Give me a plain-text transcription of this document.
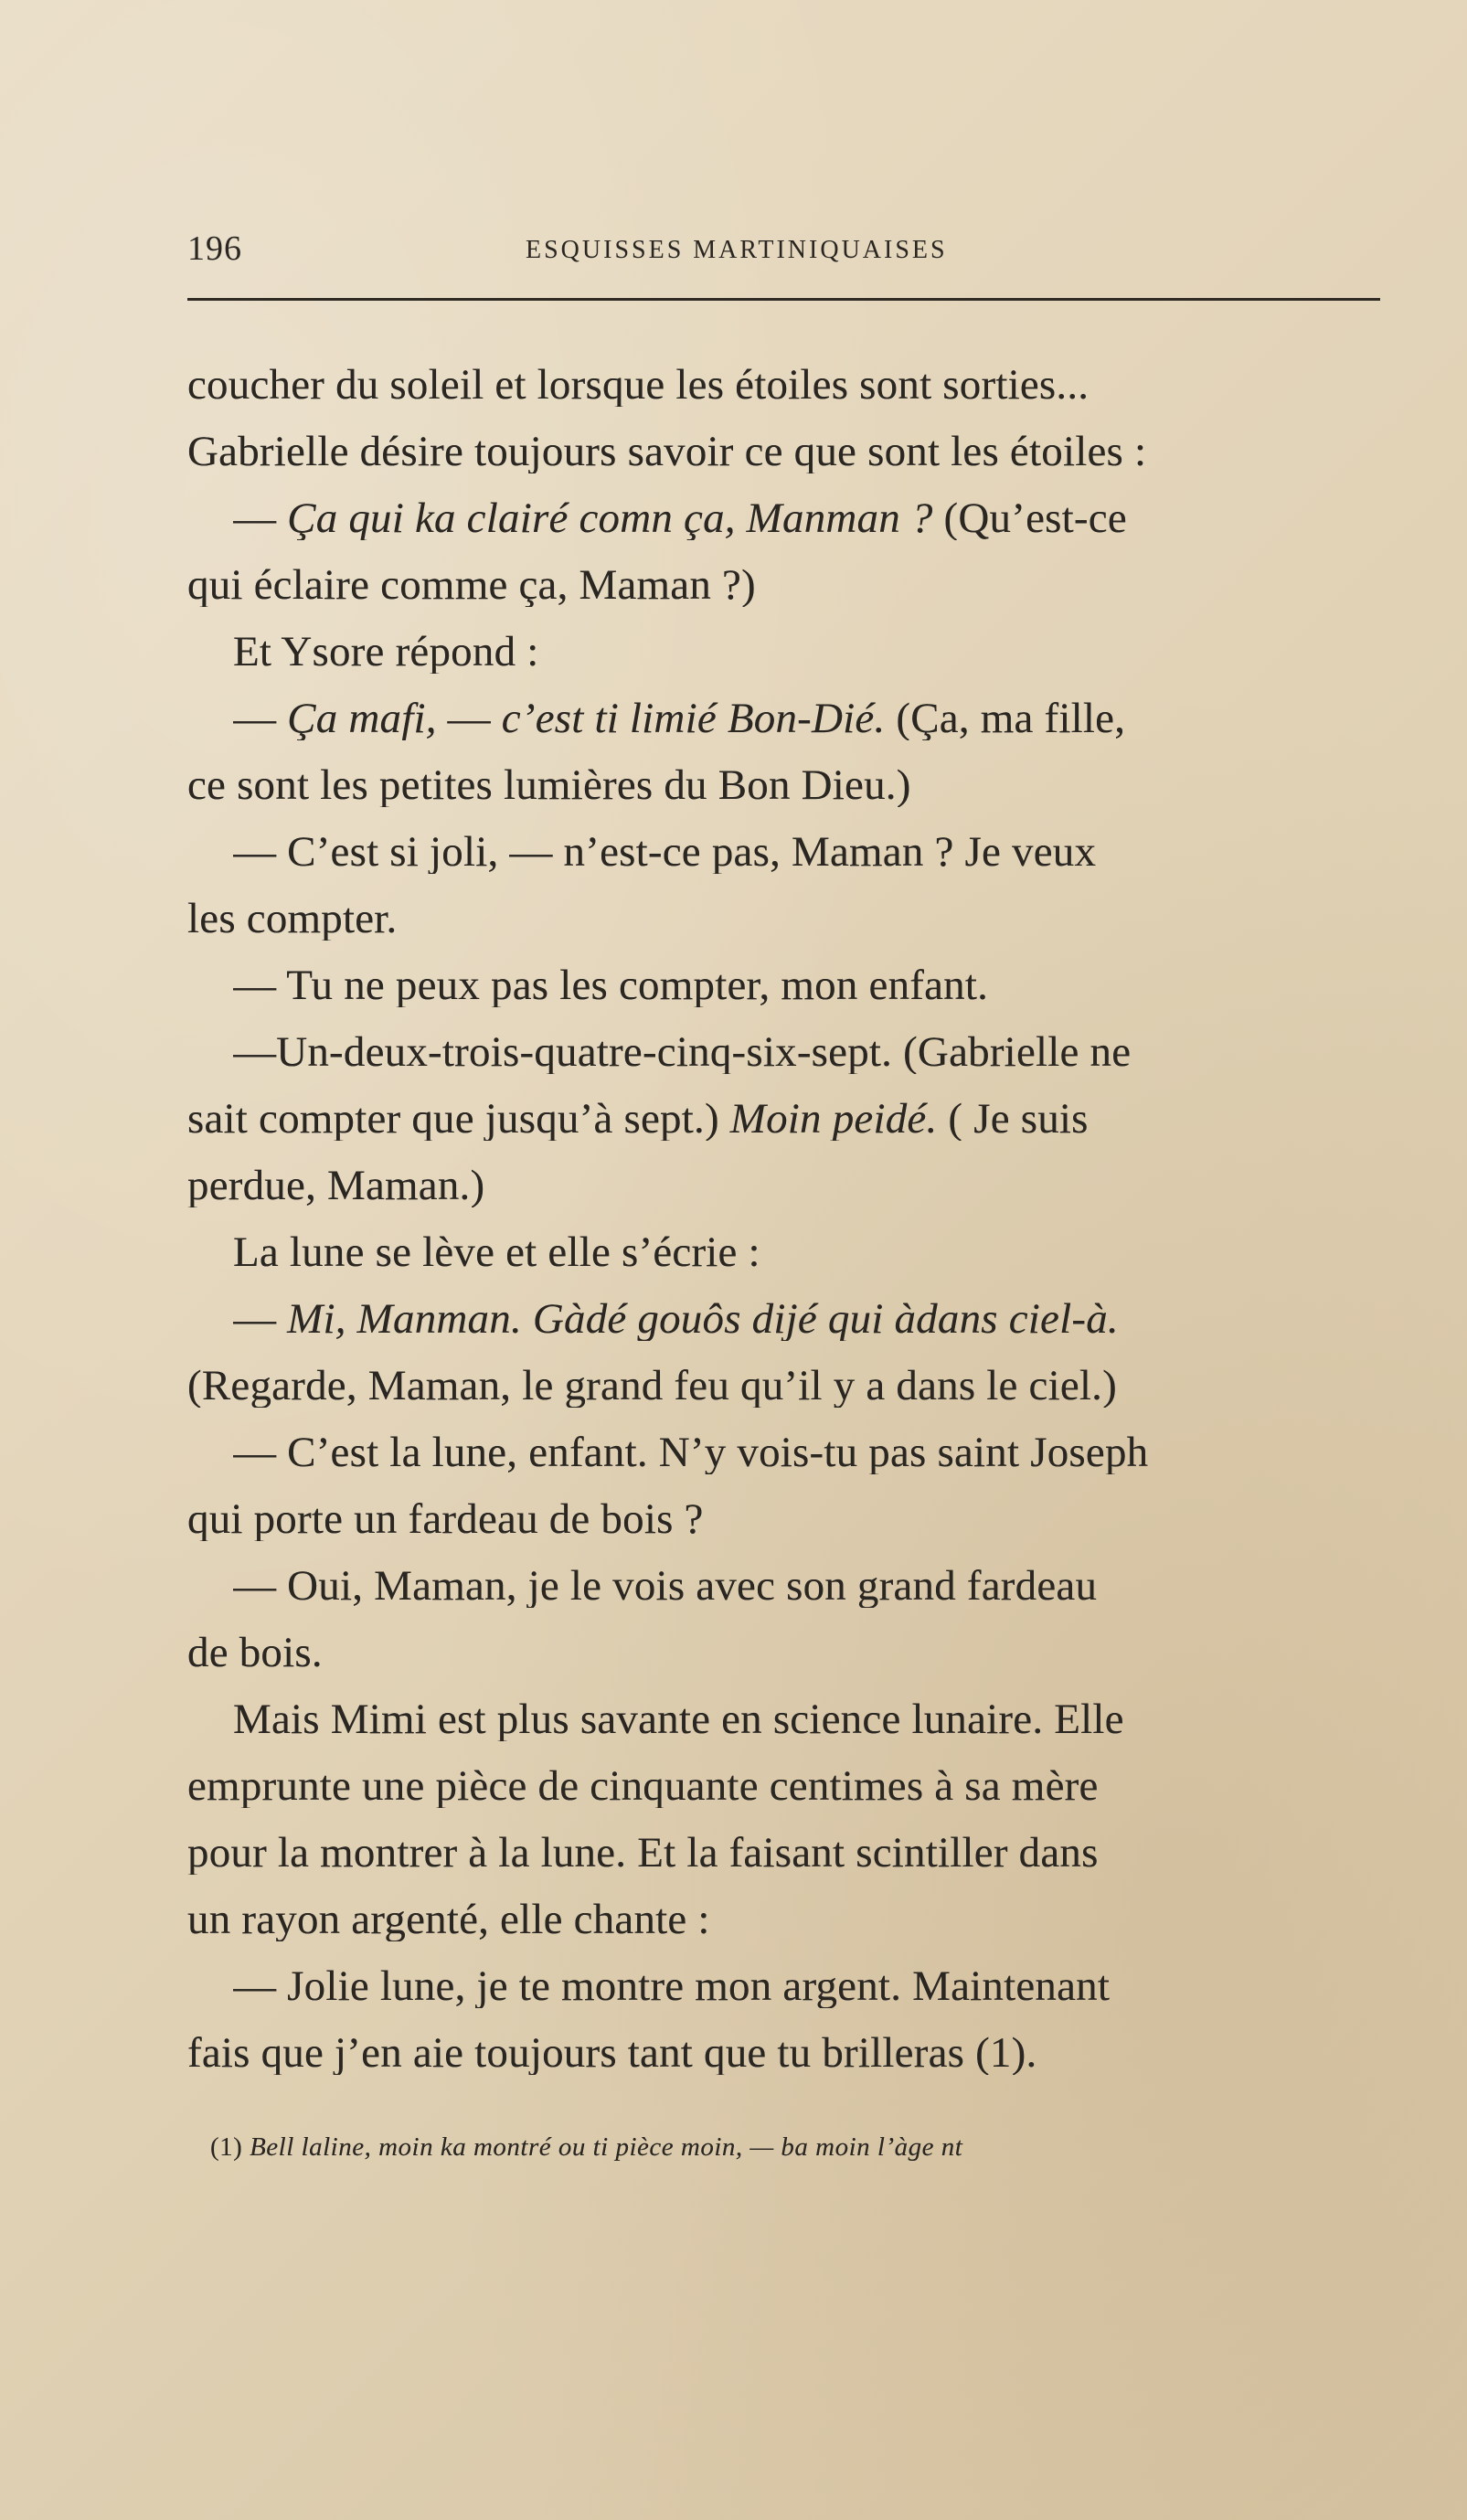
196	ESQUISSES MARTINIQUAISES
coucher du soleil et lorsque les étoiles sont sorties...
Gabrielle désire toujours savoir ce que sont les étoiles :
— Ça qui ka clairé comn ça, Manman ? (Qu’est-ce
qui éclaire comme ça, Maman ?)
Et Ysore répond :
— Ça mafi, — c’est ti limié Bon-Dié. (Ça, ma fille,
ce sont les petites lumières du Bon Dieu.)
— C’est si joli, — n’est-ce pas, Maman ? Je veux
les compter.
— Tu ne peux pas les compter, mon enfant.
—Un-deux-trois-quatre-cinq-six-sept. (Gabrielle ne
sait compter que jusqu’à sept.) Moin peidé. ( Je suis
perdue, Maman.)
La lune se lève et elle s’écrie :
— Mi, Manman. Gàdé gouôs dijé qui àdans ciel-à.
(Regarde, Maman, le grand feu qu’il y a dans le ciel.)
— C’est la lune, enfant. N’y vois-tu pas saint Joseph
qui porte un fardeau de bois ?
— Oui, Maman, je le vois avec son grand fardeau
de bois.
Mais Mimi est plus savante en science lunaire. Elle
emprunte une pièce de cinquante centimes à sa mère
pour la montrer à la lune. Et la faisant scintiller dans
un rayon argenté, elle chante :
— Jolie lune, je te montre mon argent. Maintenant
fais que j’en aie toujours tant que tu brilleras (1).
(1) Bell laline, moin ka montré ou ti pièce moin, — ba moin l’àge nt
